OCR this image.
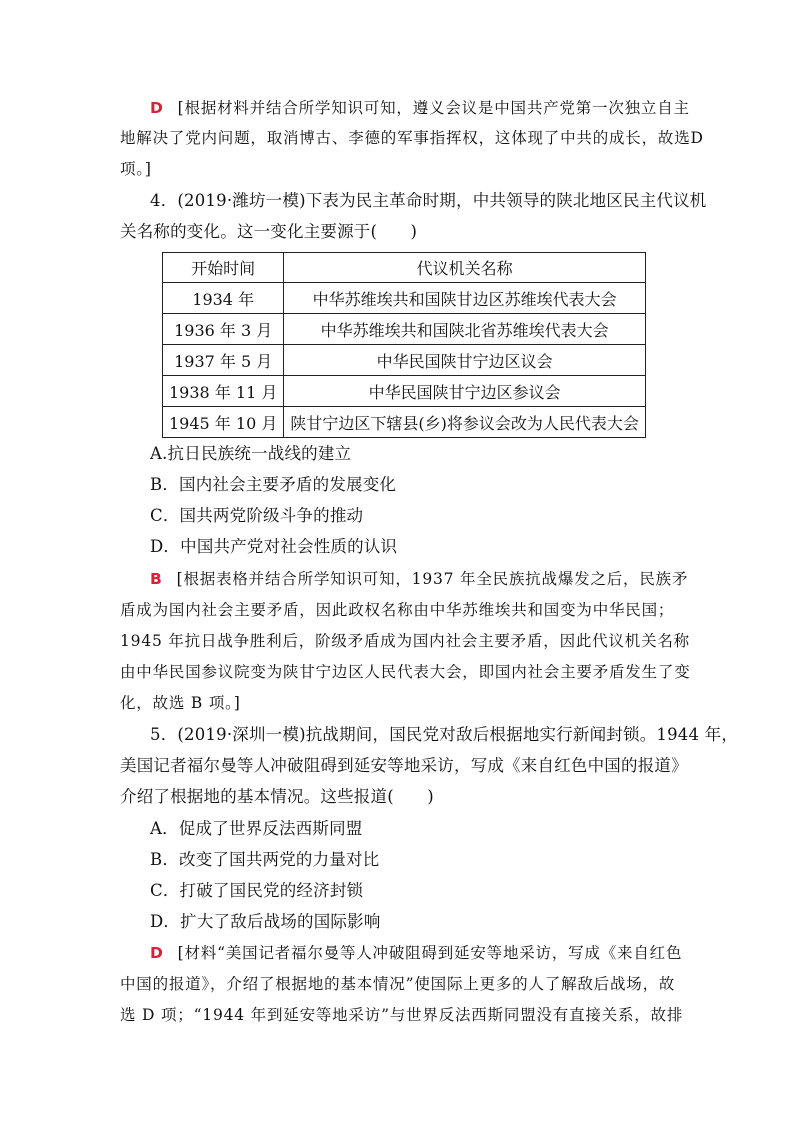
D [根据材料并结合所学知识可知，遵义会议是中国共产党第一次独立自主
地解决了党内问题，取消博古、李德的军事指挥权，这体现了中共的成长，故选D
项。]
4．(2019·潍坊一模)下表为民主革命时期，中共领导的陕北地区民主代议机
关名称的变化。这一变化主要源于(　　)
开始时间	代议机关名称
1934 年	中华苏维埃共和国陕甘边区苏维埃代表大会
1936 年 3 月	中华苏维埃共和国陕北省苏维埃代表大会
1937 年 5 月	中华民国陕甘宁边区议会
1938 年 11 月	中华民国陕甘宁边区参议会
1945 年 10 月	陕甘宁边区下辖县(乡)将参议会改为人民代表大会
A.抗日民族统一战线的建立
B．国内社会主要矛盾的发展变化
C．国共两党阶级斗争的推动
D．中国共产党对社会性质的认识
B [根据表格并结合所学知识可知，1937 年全民族抗战爆发之后，民族矛
盾成为国内社会主要矛盾，因此政权名称由中华苏维埃共和国变为中华民国；
1945 年抗日战争胜利后，阶级矛盾成为国内社会主要矛盾，因此代议机关名称
由中华民国参议院变为陕甘宁边区人民代表大会，即国内社会主要矛盾发生了变
化，故选 B 项。]
5．(2019·深圳一模)抗战期间，国民党对敌后根据地实行新闻封锁。1944 年，
美国记者福尔曼等人冲破阻碍到延安等地采访，写成《来自红色中国的报道》
介绍了根据地的基本情况。这些报道(　　)
A．促成了世界反法西斯同盟
B．改变了国共两党的力量对比
C．打破了国民党的经济封锁
D．扩大了敌后战场的国际影响
D [材料“美国记者福尔曼等人冲破阻碍到延安等地采访，写成《来自红色
中国的报道》，介绍了根据地的基本情况”使国际上更多的人了解敌后战场，故
选 D 项；“1944 年到延安等地采访”与世界反法西斯同盟没有直接关系，故排
